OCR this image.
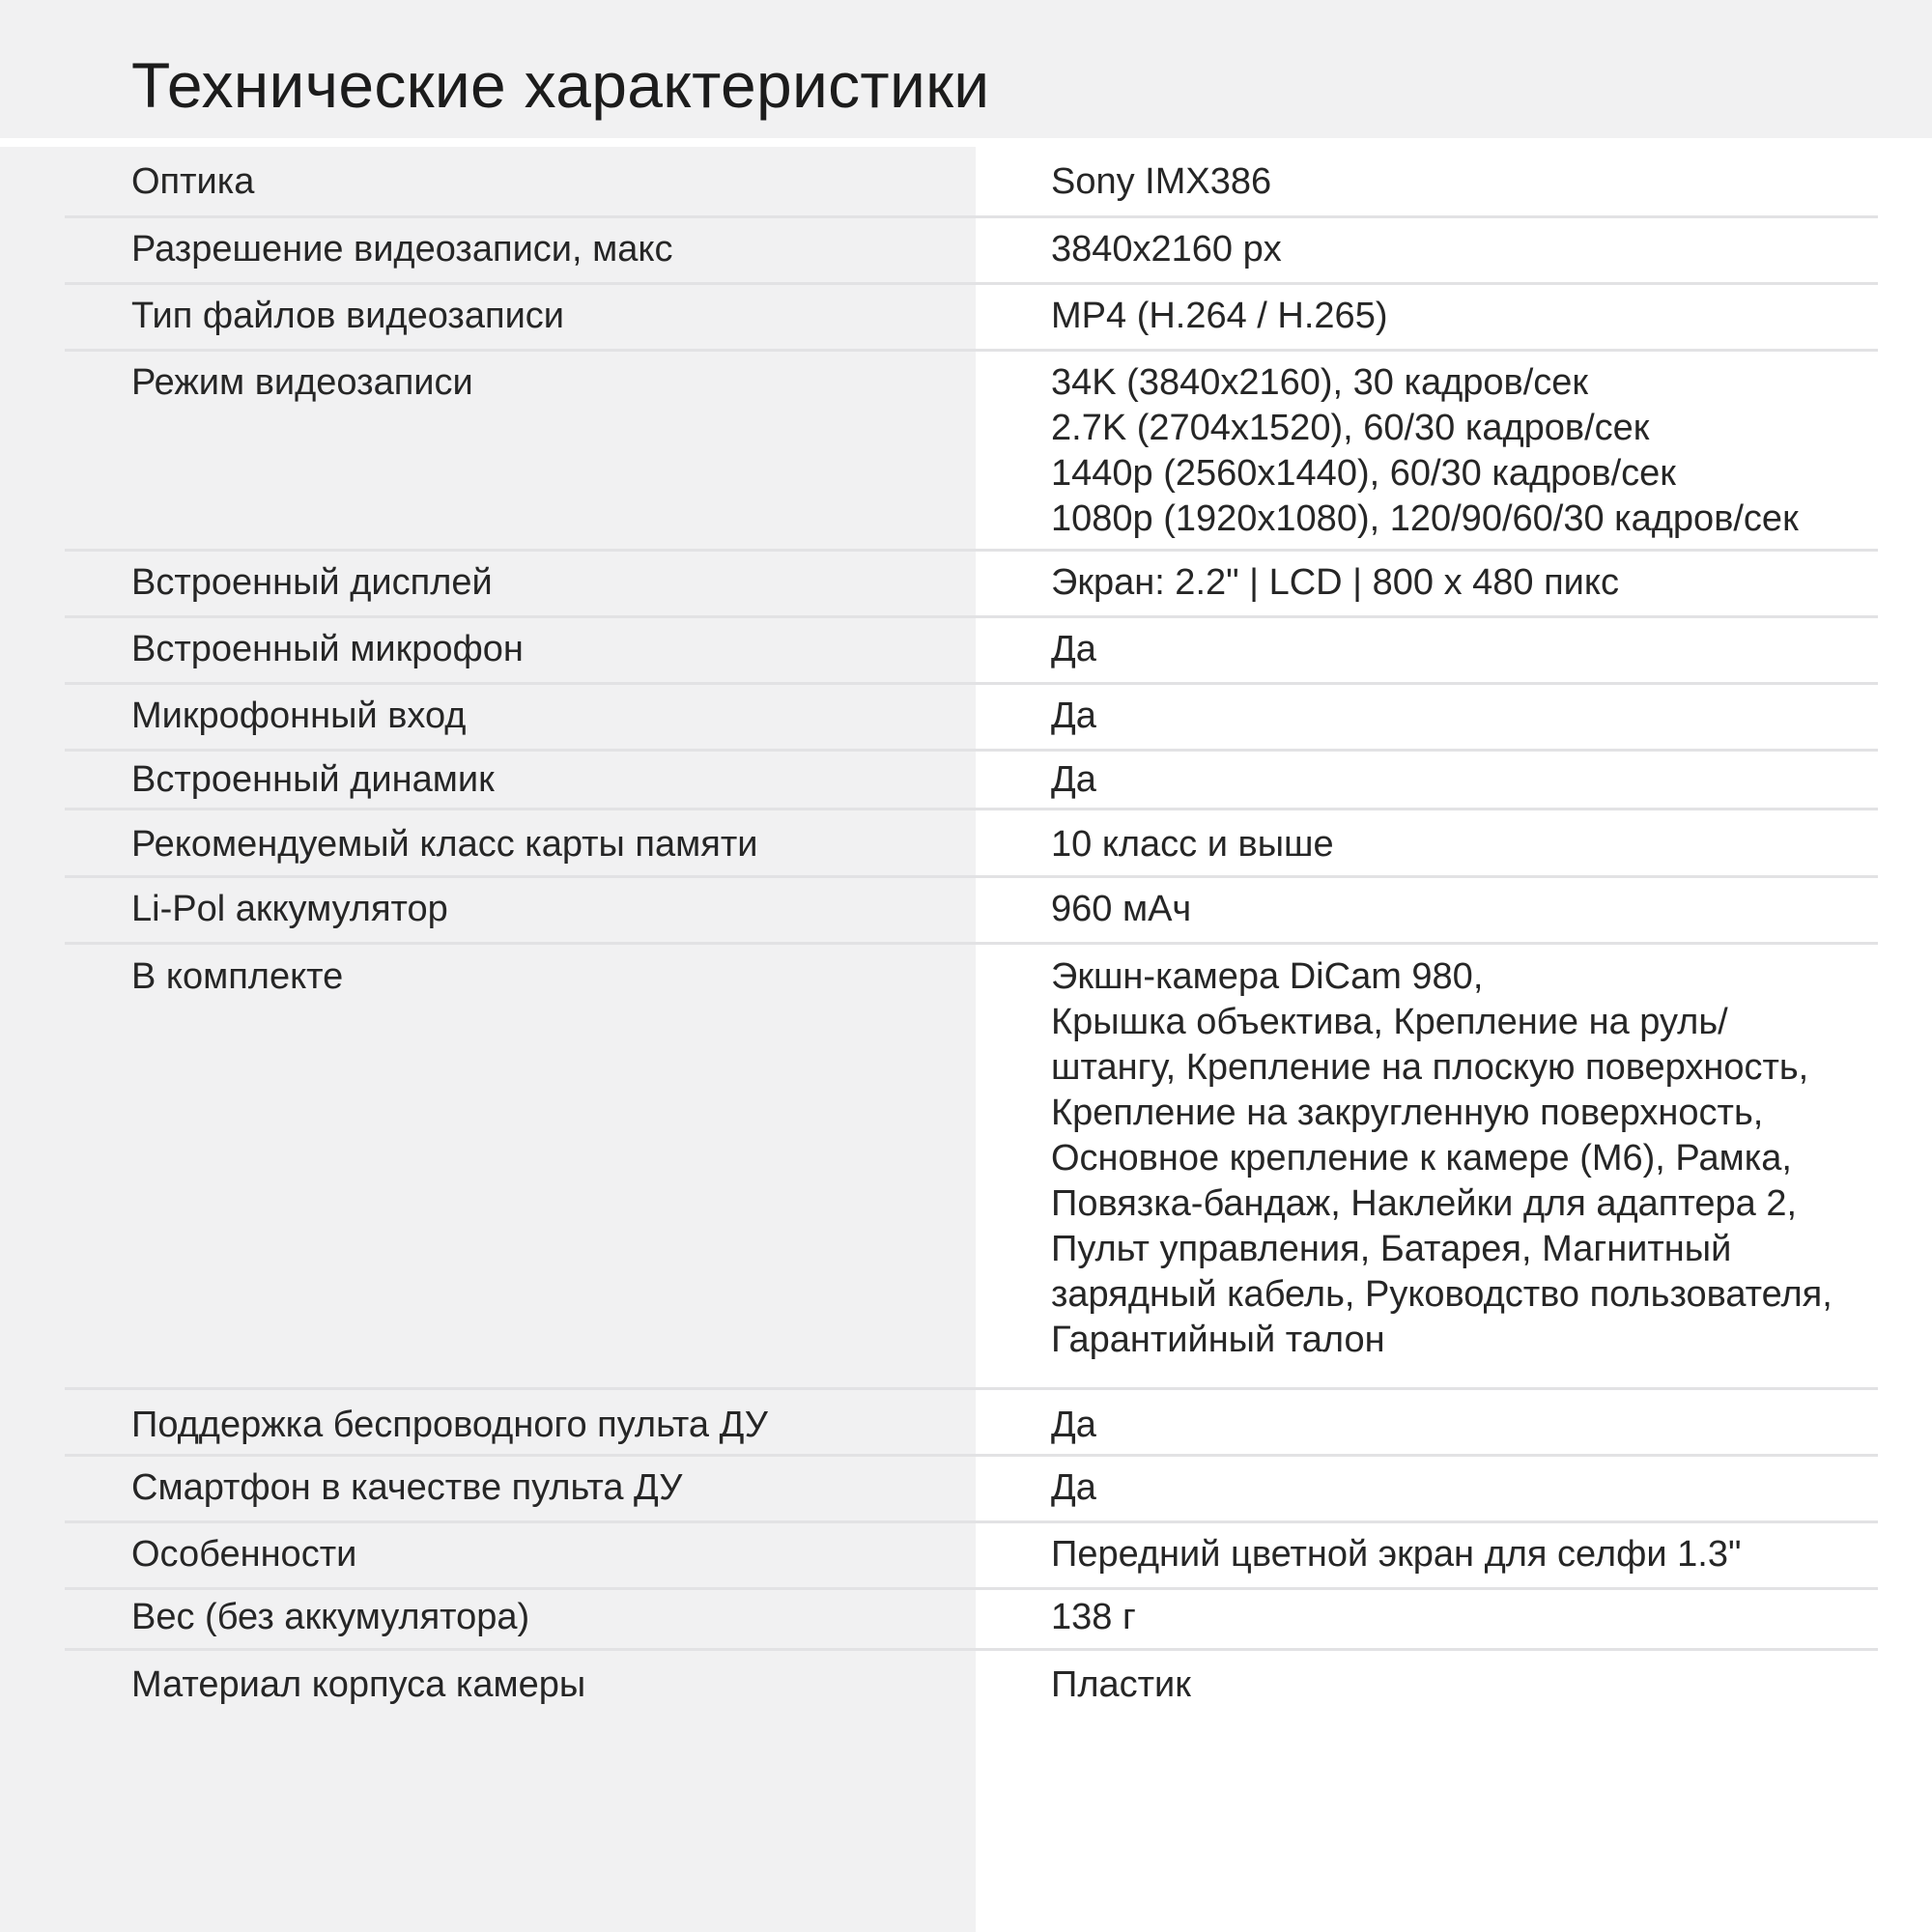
Технические характеристики
Оптика	Sony IMX386
Разрешение видеозаписи, макс	3840x2160 px
Тип файлов видеозаписи	MP4 (H.264 / H.265)
Режим видеозаписи	34K (3840x2160), 30 кадров/сек
2.7K (2704x1520), 60/30 кадров/сек
1440p (2560x1440), 60/30 кадров/сек
1080p (1920x1080), 120/90/60/30 кадров/сек
Встроенный дисплей	Экран: 2.2" | LCD | 800 x 480 пикс
Встроенный микрофон	Да
Микрофонный вход	Да
Встроенный динамик	Да
Рекомендуемый класс карты памяти	10 класс и выше
Li-Pol аккумулятор	960 мАч
В комплекте	Экшн-камера DiCam 980,
Крышка объектива, Крепление на руль/
штангу, Крепление на плоскую поверхность,
Крепление на закругленную поверхность,
Основное крепление к камере (М6), Рамка,
Повязка-бандаж, Наклейки для адаптера 2,
Пульт управления, Батарея, Магнитный
зарядный кабель, Руководство пользователя,
Гарантийный талон
Поддержка беспроводного пульта ДУ	Да
Смартфон в качестве пульта ДУ	Да
Особенности	Передний цветной экран для селфи 1.3"
Вес (без аккумулятора)	138 г
Материал корпуса камеры	Пластик
